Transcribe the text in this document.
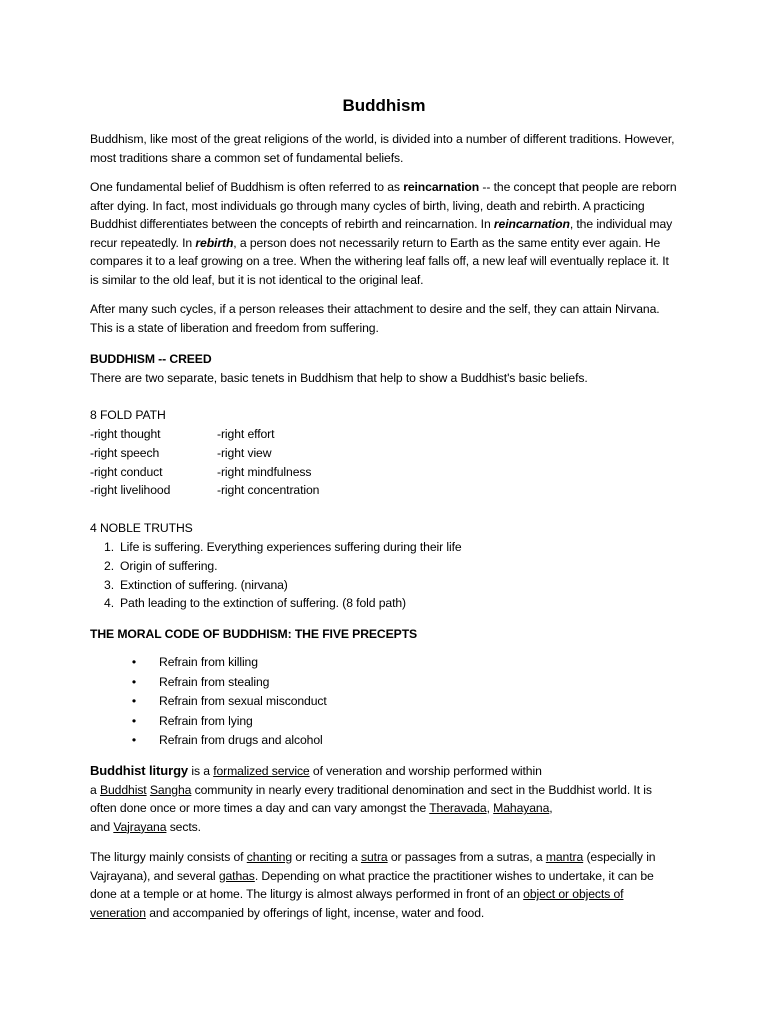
Buddhism

Buddhism, like most of the great religions of the world, is divided into a number of different traditions. However, most traditions share a common set of fundamental beliefs.

One fundamental belief of Buddhism is often referred to as reincarnation -- the concept that people are reborn after dying. In fact, most individuals go through many cycles of birth, living, death and rebirth. A practicing Buddhist differentiates between the concepts of rebirth and reincarnation. In reincarnation, the individual may recur repeatedly. In rebirth, a person does not necessarily return to Earth as the same entity ever again. He compares it to a leaf growing on a tree. When the withering leaf falls off, a new leaf will eventually replace it. It is similar to the old leaf, but it is not identical to the original leaf.

After many such cycles, if a person releases their attachment to desire and the self, they can attain Nirvana. This is a state of liberation and freedom from suffering.

BUDDHISM -- CREED

There are two separate, basic tenets in Buddhism that help to show a Buddhist's basic beliefs.

8 FOLD PATH
-right thought	-right effort
-right speech	-right view
-right conduct	-right mindfulness
-right livelihood	-right concentration
4 NOBLE TRUTHS
1. Life is suffering. Everything experiences suffering during their life
2. Origin of suffering.
3. Extinction of suffering. (nirvana)
4. Path leading to the extinction of suffering. (8 fold path)
THE MORAL CODE OF BUDDHISM: THE FIVE PRECEPTS
•	Refrain from killing
•	Refrain from stealing
•	Refrain from sexual misconduct
•	Refrain from lying
•	Refrain from drugs and alcohol

Buddhist liturgy is a formalized service of veneration and worship performed within
a Buddhist Sangha community in nearly every traditional denomination and sect in the Buddhist world. It is often done once or more times a day and can vary amongst the Theravada, Mahayana,
and Vajrayana sects.

The liturgy mainly consists of chanting or reciting a sutra or passages from a sutras, a mantra (especially in Vajrayana), and several gathas. Depending on what practice the practitioner wishes to undertake, it can be done at a temple or at home. The liturgy is almost always performed in front of an object or objects of veneration and accompanied by offerings of light, incense, water and food.
